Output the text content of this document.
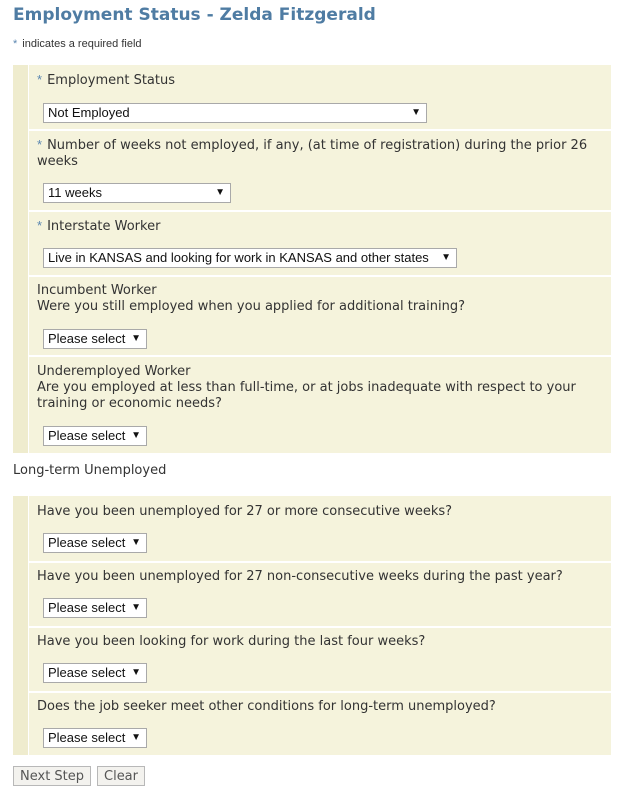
Employment Status - Zelda Fitzgerald
* indicates a required field
* Employment Status
Not Employed	▼
* Number of weeks not employed, if any, (at time of registration) during the prior 26 weeks
11 weeks	▼
* Interstate Worker
Live in KANSAS and looking for work in KANSAS and other states ▼
Incumbent Worker
Were you still employed when you applied for additional training?
Please select ▼
Underemployed Worker
Are you employed at less than full-time, or at jobs inadequate with respect to your training or economic needs?
Please select ▼
Long-term Unemployed
Have you been unemployed for 27 or more consecutive weeks?
Please select ▼
Have you been unemployed for 27 non-consecutive weeks during the past year?
Please select ▼
Have you been looking for work during the last four weeks?
Please select ▼
Does the job seeker meet other conditions for long-term unemployed?
Please select ▼
Next Step	Clear
